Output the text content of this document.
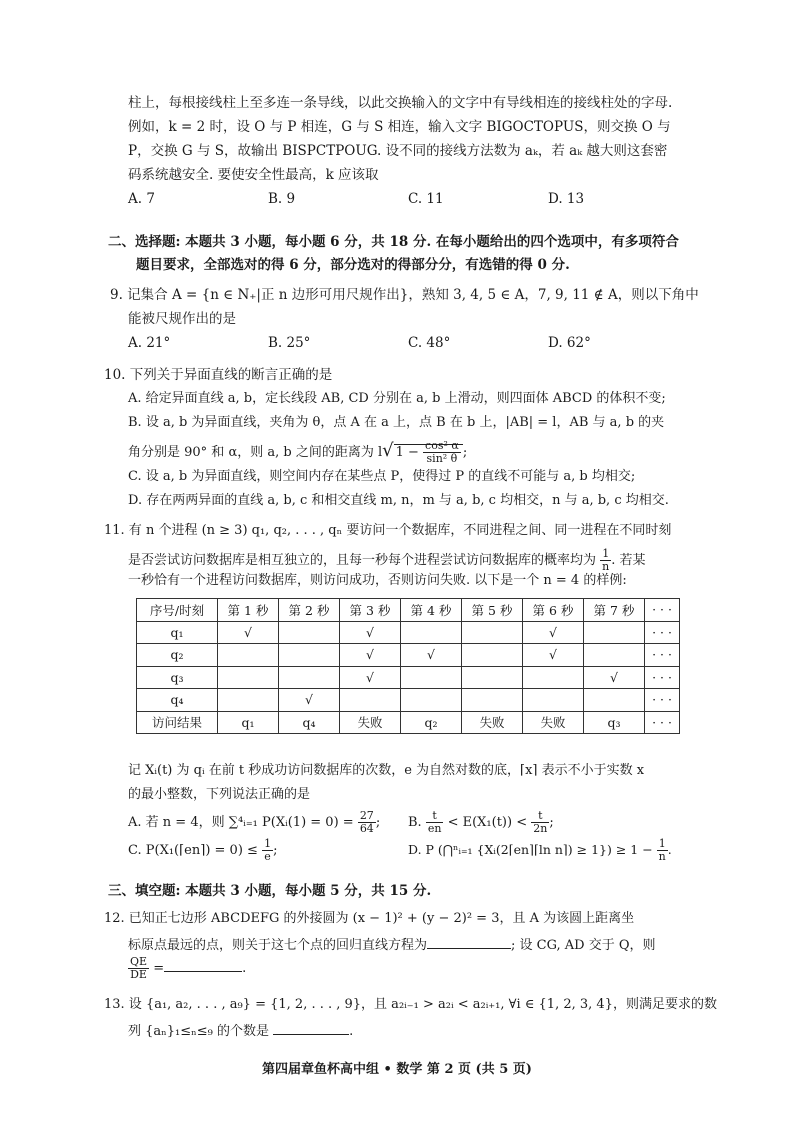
柱上，每根接线柱上至多连一条导线，以此交换输入的文字中有导线相连的接线柱处的字母.
例如，k = 2 时，设 O 与 P 相连，G 与 S 相连，输入文字 BIGOCTOPUS，则交换 O 与
P，交换 G 与 S，故输出 BISPCTPOUG. 设不同的接线方法数为 aₖ，若 aₖ 越大则这套密
码系统越安全. 要使安全性最高，k 应该取
A. 7	B. 9	C. 11	D. 13
二、选择题: 本题共 3 小题，每小题 6 分，共 18 分. 在每小题给出的四个选项中，有多项符合
题目要求，全部选对的得 6 分，部分选对的得部分分，有选错的得 0 分.
9. 记集合 A = {n ∈ N₊|正 n 边形可用尺规作出}，熟知 3, 4, 5 ∈ A，7, 9, 11 ∉ A，则以下角中
能被尺规作出的是
A. 21°	B. 25°	C. 48°	D. 62°
10. 下列关于异面直线的断言正确的是
A. 给定异面直线 a, b，定长线段 AB, CD 分别在 a, b 上滑动，则四面体 ABCD 的体积不变;
B. 设 a, b 为异面直线，夹角为 θ，点 A 在 a 上，点 B 在 b 上，|AB| = l，AB 与 a, b 的夹
角分别是 90° 和 α，则 a, b 之间的距离为 l√ $1 - \frac{\text{cos² α}}{\text{sin² θ}}$ ;
C. 设 a, b 为异面直线，则空间内存在某些点 P，使得过 P 的直线不可能与 a, b 均相交;
D. 存在两两异面的直线 a, b, c 和相交直线 m, n，m 与 a, b, c 均相交，n 与 a, b, c 均相交.
11. 有 n 个进程 (n ≥ 3) q₁, q₂, . . . , qₙ 要访问一个数据库，不同进程之间、同一进程在不同时刻
是否尝试访问数据库是相互独立的，且每一秒每个进程尝试访问数据库的概率均为 $\frac{1}{n}$ . 若某
一秒恰有一个进程访问数据库，则访问成功，否则访问失败. 以下是一个 n = 4 的样例:
序号/时刻	第 1 秒	第 2 秒	第 3 秒	第 4 秒	第 5 秒	第 6 秒	第 7 秒	· · ·
q₁	√		√			√		· · ·
q₂			√	√		√		· · ·
q₃			√				√	· · ·
q₄		√						· · ·
访问结果	q₁	q₄	失败	q₂	失败	失败	q₃	· · ·
记 Xᵢ(t) 为 qᵢ 在前 t 秒成功访问数据库的次数，e 为自然对数的底，⌈x⌉ 表示不小于实数 x
的最小整数，下列说法正确的是
A. 若 n = 4，则 ∑⁴ᵢ₌₁ P(Xᵢ(1) = $0) = \frac{27}{64}$ ; B. $\frac{t}{en} < E(X_1(t)) < \frac{t}{2n}$ ;
C. P(X₁(⌈en⌉) = $0) \le \frac{1}{e}$ ;	D. P (⋂ⁿᵢ₌₁ {Xᵢ(2⌈en⌉⌈ln n⌉) ≥ $1\}) \ge 1 - \frac{1}{n}$ .
三、填空题: 本题共 3 小题，每小题 5 分，共 15 分.
12. 已知正七边形 ABCDEFG 的外接圆为 (x − 1)² + (y − 2)² = 3，且 A 为该圆上距离坐
标原点最远的点，则关于这七个点的回归直线方程为	; 设 CG, AD 交于 Q，则
$\frac{QE}{DE}$ =	.
13. 设 {a₁, a₂, . . . , a₉} = {1, 2, . . . , 9}，且 a₂ᵢ₋₁ > a₂ᵢ < a₂ᵢ₊₁, ∀i ∈ {1, 2, 3, 4}，则满足要求的数
列 {aₙ}₁≤ₙ≤₉ 的个数是	.
第四届章鱼杯高中组 • 数学 第 2 页 (共 5 页)
